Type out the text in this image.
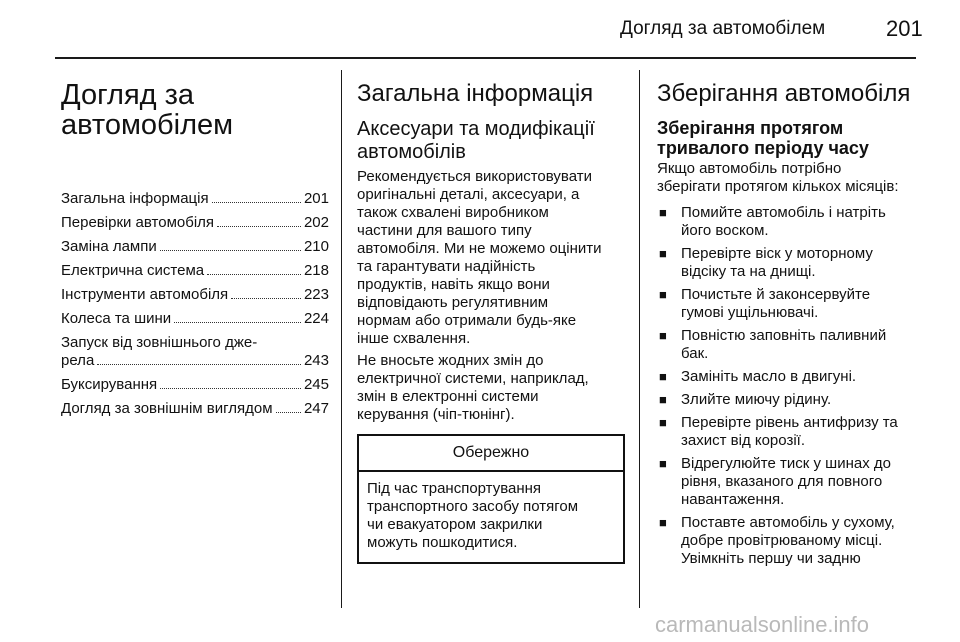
Догляд за автомобілем	201
Догляд за
автомобілем
Загальна інформація	201
Перевірки автомобіля	202
Заміна лампи	210
Електрична система	218
Інструменти автомобіля	223
Колеса та шини	224
Запуск від зовнішнього дже-
рела	243
Буксирування	245
Догляд за зовнішнім виглядом 247
Загальна інформація
Аксесуари та модифікації
автомобілів
Рекомендується використовувати
оригінальні деталі, аксесуари, а
також схвалені виробником
частини для вашого типу
автомобіля. Ми не можемо оцінити
та гарантувати надійність
продуктів, навіть якщо вони
відповідають регулятивним
нормам або отримали будь-яке
інше схвалення.
Не вносьте жодних змін до
електричної системи, наприклад,
змін в електронні системи
керування (чіп-тюнінг).
Обережно
Під час транспортування
транспортного засобу потягом
чи евакуатором закрилки
можуть пошкодитися.
Зберігання автомобіля
Зберігання протягом
тривалого періоду часу
Якщо автомобіль потрібно
зберігати протягом кількох місяців:
■ Помийте автомобіль і натріть
його воском.
■ Перевірте віск у моторному
відсіку та на днищі.
■ Почистьте й законсервуйте
гумові ущільнювачі.
■ Повністю заповніть паливний
бак.
■ Замініть масло в двигуні.
■ Злийте миючу рідину.
■ Перевірте рівень антифризу та
захист від корозії.
■ Відрегулюйте тиск у шинах до
рівня, вказаного для повного
навантаження.
■ Поставте автомобіль у сухому,
добре провітрюваному місці.
Увімкніть першу чи задню
carmanualsonline.info
